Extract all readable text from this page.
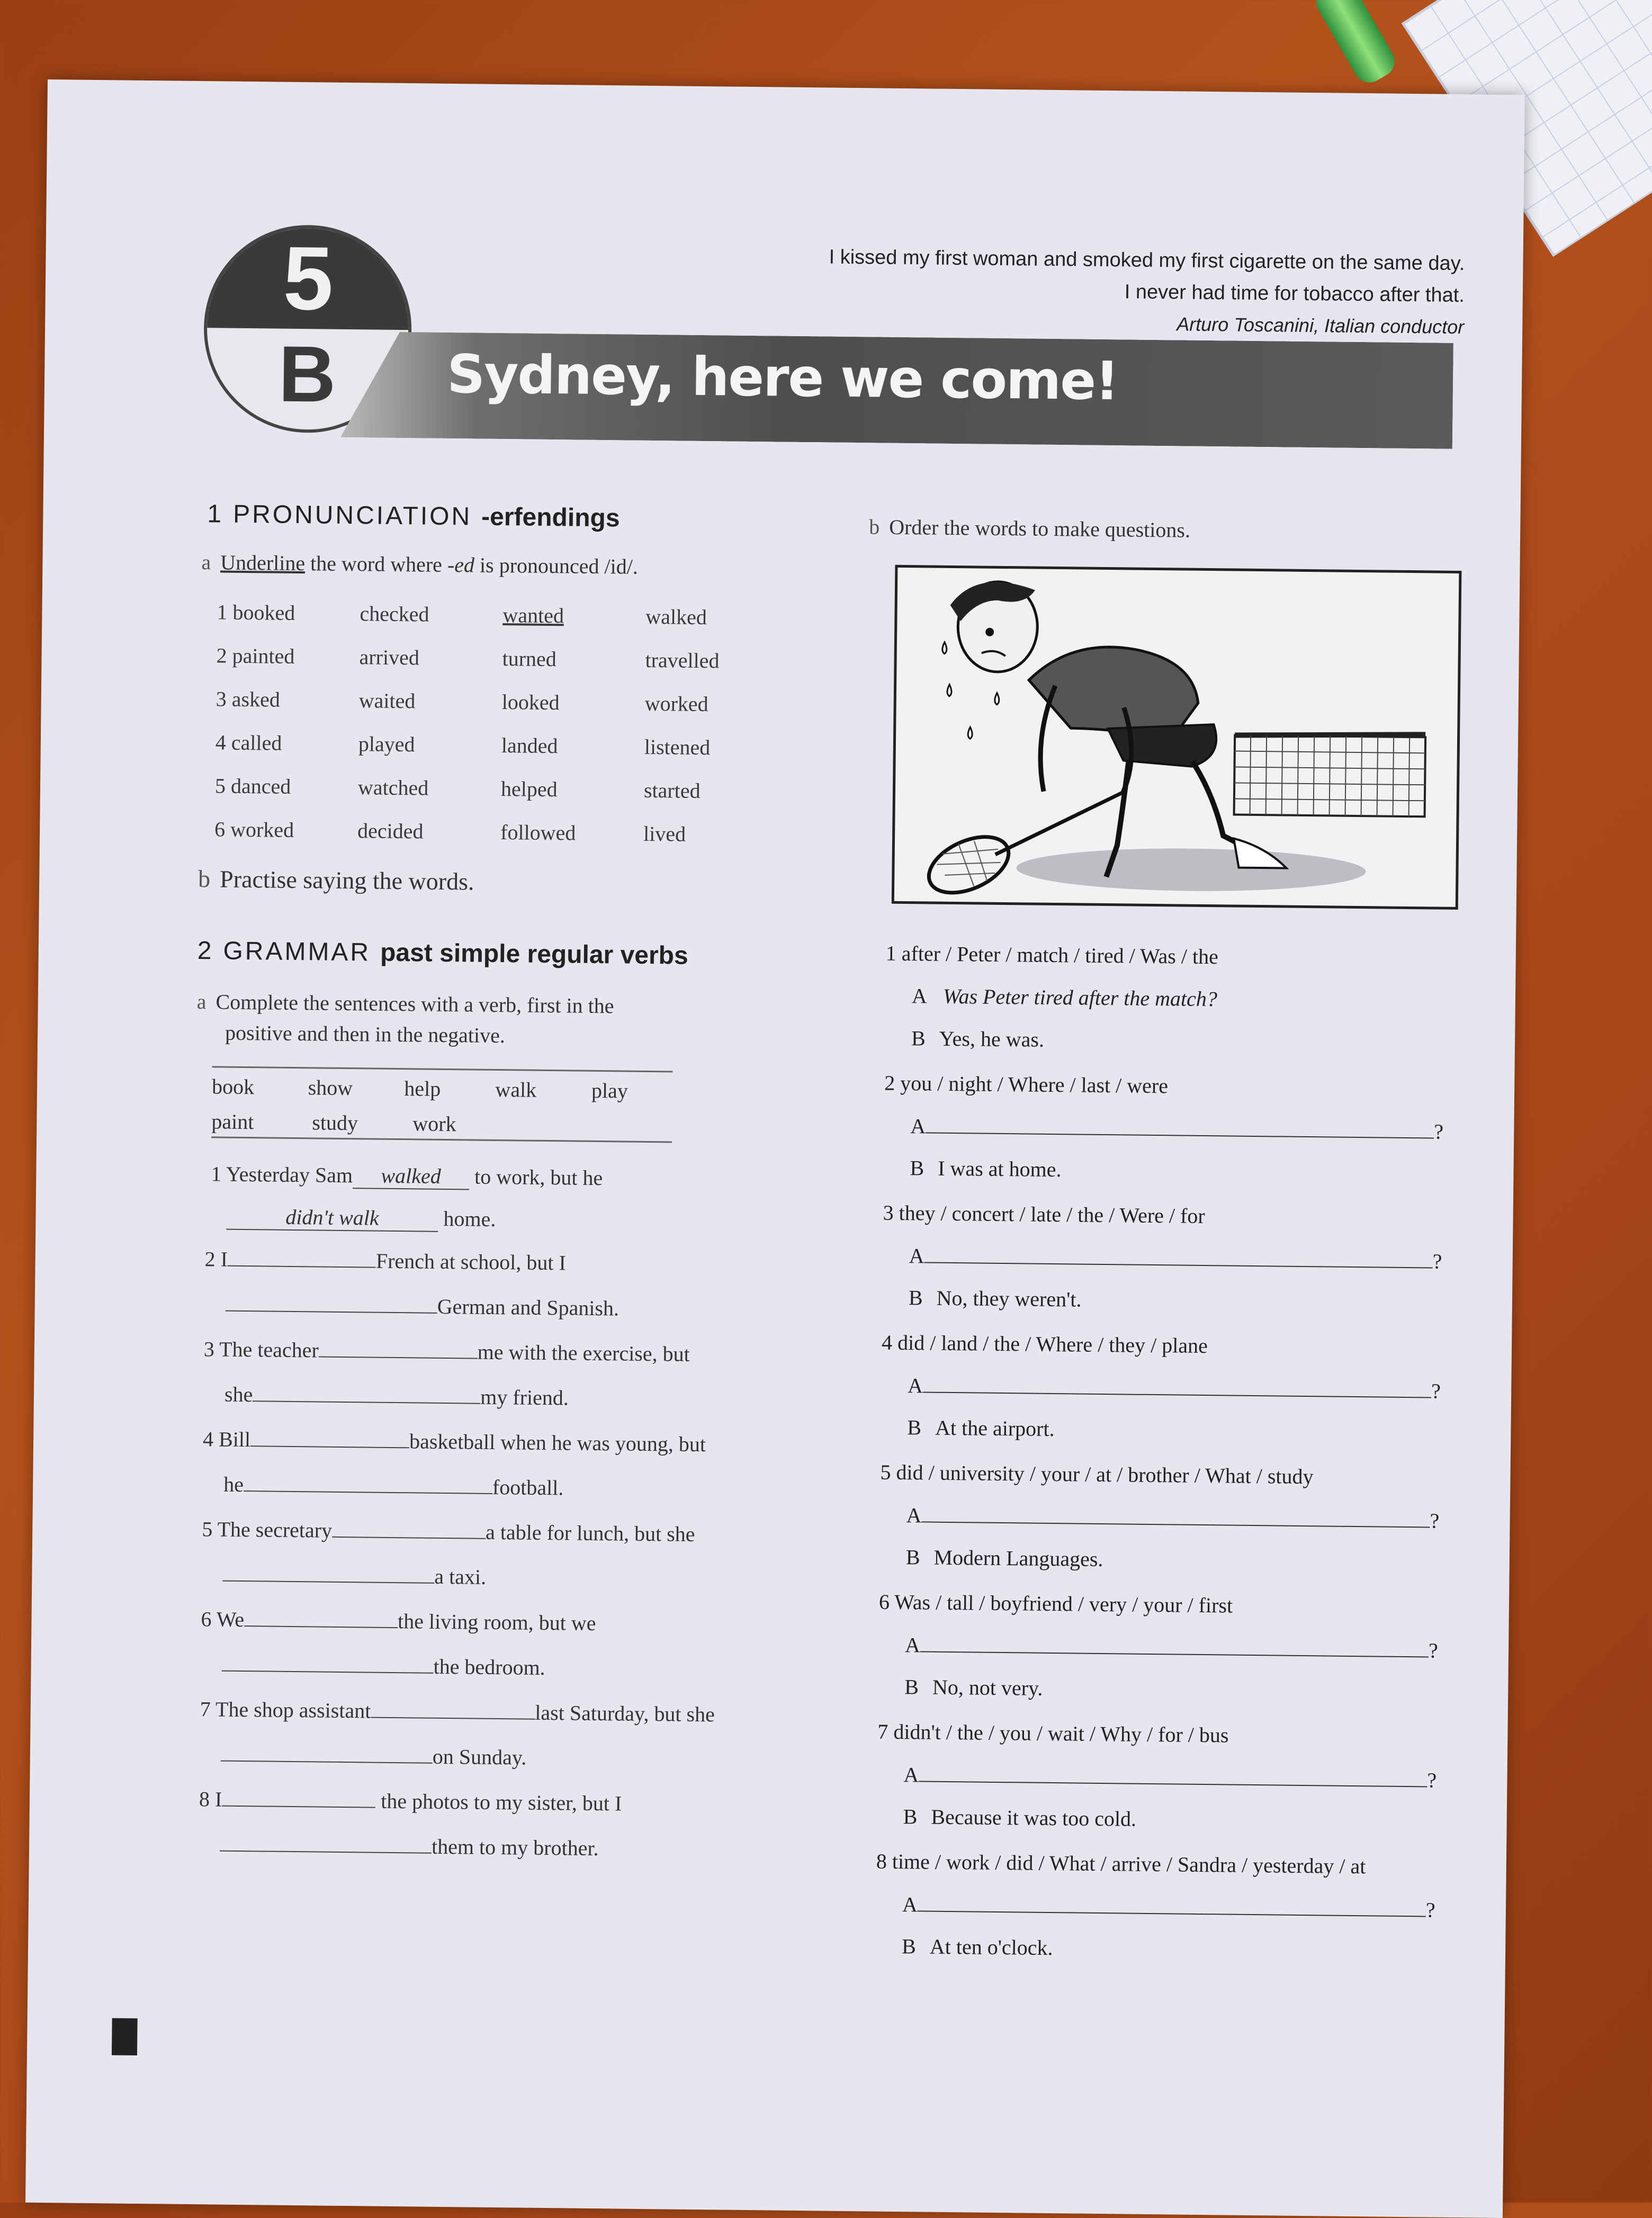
5
B	Sydney, here we come!
I kissed my first woman and smoked my first cigarette on the same day.
I never had time for tobacco after that.
Arturo Toscanini, Italian conductor
1 PRONUNCIATION -erfendings
a Underline the word where -ed is pronounced /id/.
1 booked	checked	wanted	walked
2 painted	arrived	turned	travelled
3 asked	waited	looked	worked
4 called	played	landed	listened
5 danced	watched	helped	started
6 worked	decided	followed	lived
b Practise saying the words.
2 GRAMMAR past simple regular verbs
a Complete the sentences with a verb, first in the
positive and then in the negative.
book	show	help	walk	play
paint	study	work
1 Yesterday Sam walked to work, but he
didn't walk	home.
2 I	French at school, but I
German and Spanish.
3 The teacher	me with the exercise, but
she	my friend.
4 Bill	basketball when he was young, but
he	football.
5 The secretary	a table for lunch, but she
a taxi.
6 We	the living room, but we
the bedroom.
7 The shop assistant	last Saturday, but she
on Sunday.
8 I	the photos to my sister, but I
them to my brother.
b Order the words to make questions.
1 after / Peter / match / tired / Was / the
A Was Peter tired after the match?
B Yes, he was.
2 you / night / Where / last / were
A	?
B I was at home.
3 they / concert / late / the / Were / for
A	?
B No, they weren't.
4 did / land / the / Where / they / plane
A	?
B At the airport.
5 did / university / your / at / brother / What / study
A	?
B Modern Languages.
6 Was / tall / boyfriend / very / your / first
A	?
B No, not very.
7 didn't / the / you / wait / Why / for / bus
A	?
B Because it was too cold.
8 time / work / did / What / arrive / Sandra / yesterday / at
A	?
B At ten o'clock.
